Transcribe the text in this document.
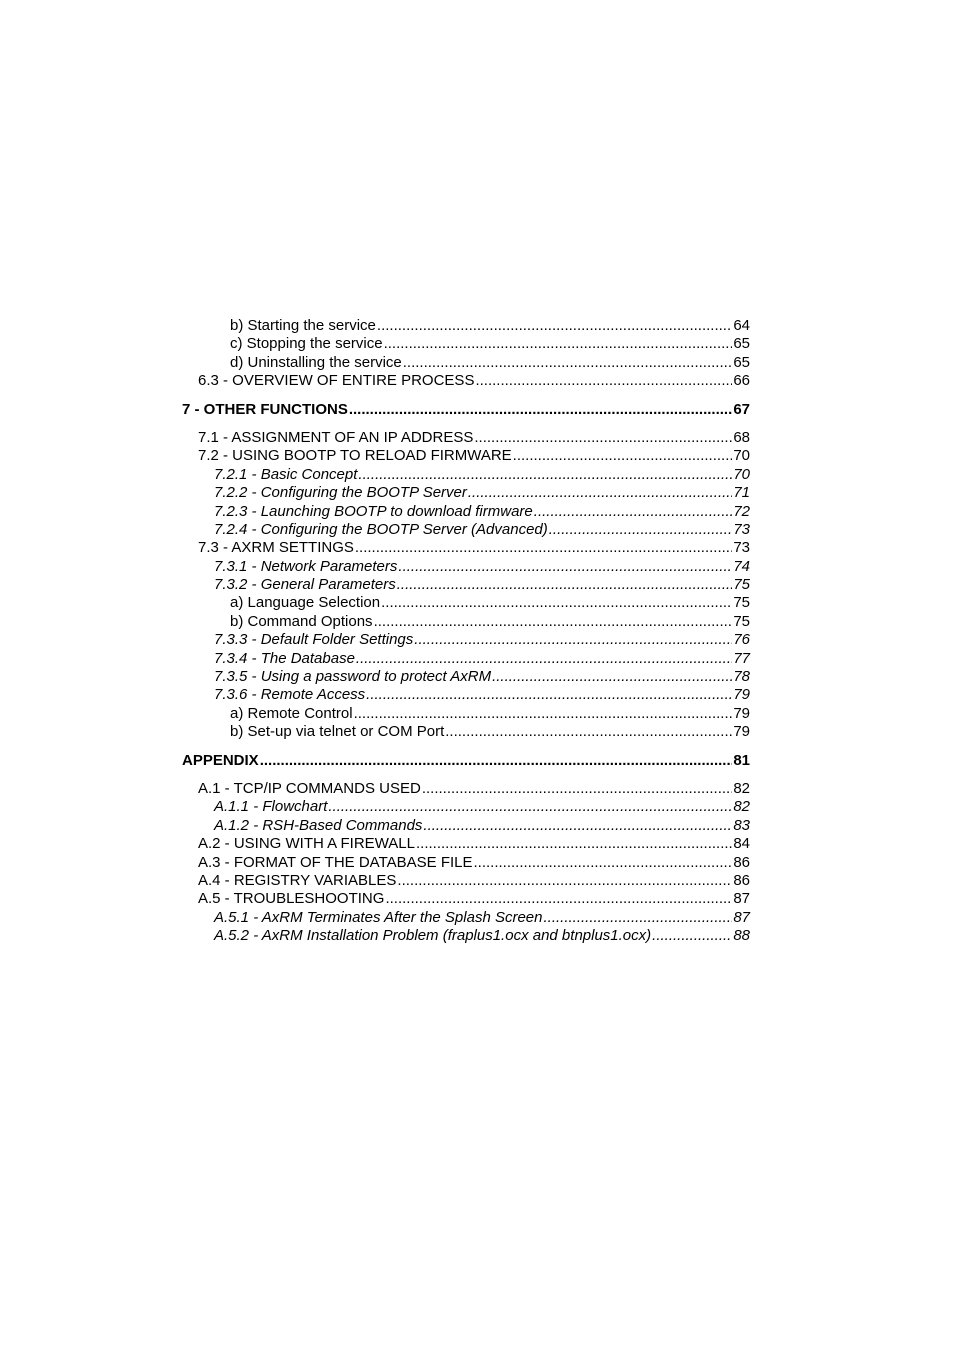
b) Starting the service .....	64
c) Stopping the service .....	65
d) Uninstalling the service .....	65
6.3 - OVERVIEW OF ENTIRE PROCESS .....	66
7 - OTHER FUNCTIONS .....	67
7.1 - ASSIGNMENT OF AN IP ADDRESS .....	68
7.2 - USING BOOTP TO RELOAD FIRMWARE .....	70
7.2.1 - Basic Concept .....	70
7.2.2 - Configuring the BOOTP Server .....	71
7.2.3 - Launching BOOTP to download firmware .....	72
7.2.4 - Configuring the BOOTP Server (Advanced) .....	73
7.3 - AXRM SETTINGS .....	73
7.3.1 - Network Parameters .....	74
7.3.2 - General Parameters .....	75
a) Language Selection .....	75
b) Command Options .....	75
7.3.3 - Default Folder Settings .....	76
7.3.4 - The Database .....	77
7.3.5 - Using a password to protect AxRM .....	78
7.3.6 - Remote Access .....	79
a) Remote Control .....	79
b) Set-up via telnet or COM Port .....	79
APPENDIX .....	81
A.1 - TCP/IP COMMANDS USED .....	82
A.1.1 - Flowchart .....	82
A.1.2 - RSH-Based Commands .....	83
A.2 - USING WITH A FIREWALL .....	84
A.3 - FORMAT OF THE DATABASE FILE .....	86
A.4 - REGISTRY VARIABLES .....	86
A.5 - TROUBLESHOOTING .....	87
A.5.1 - AxRM Terminates After the Splash Screen .....	87
A.5.2 - AxRM Installation Problem (fraplus1.ocx and btnplus1.ocx) .....	88
